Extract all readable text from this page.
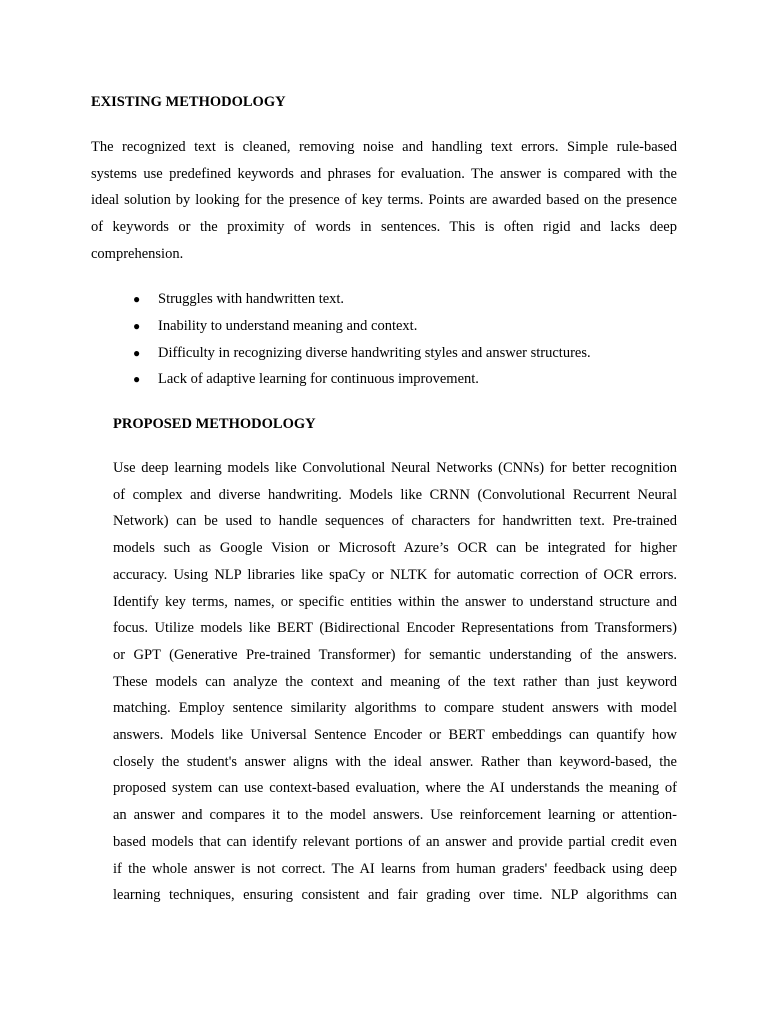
EXISTING METHODOLOGY
The recognized text is cleaned, removing noise and handling text errors. Simple rule-based
systems use predefined keywords and phrases for evaluation. The answer is compared with the
ideal solution by looking for the presence of key terms. Points are awarded based on the presence
of keywords or the proximity of words in sentences. This is often rigid and lacks deep
comprehension.
● Struggles with handwritten text.
● Inability to understand meaning and context.
● Difficulty in recognizing diverse handwriting styles and answer structures.
● Lack of adaptive learning for continuous improvement.
PROPOSED METHODOLOGY
Use deep learning models like Convolutional Neural Networks (CNNs) for better recognition
of complex and diverse handwriting. Models like CRNN (Convolutional Recurrent Neural
Network) can be used to handle sequences of characters for handwritten text. Pre-trained
models such as Google Vision or Microsoft Azure’s OCR can be integrated for higher
accuracy. Using NLP libraries like spaCy or NLTK for automatic correction of OCR errors.
Identify key terms, names, or specific entities within the answer to understand structure and
focus. Utilize models like BERT (Bidirectional Encoder Representations from Transformers)
or GPT (Generative Pre-trained Transformer) for semantic understanding of the answers.
These models can analyze the context and meaning of the text rather than just keyword
matching. Employ sentence similarity algorithms to compare student answers with model
answers. Models like Universal Sentence Encoder or BERT embeddings can quantify how
closely the student's answer aligns with the ideal answer. Rather than keyword-based, the
proposed system can use context-based evaluation, where the AI understands the meaning of
an answer and compares it to the model answers. Use reinforcement learning or attention-
based models that can identify relevant portions of an answer and provide partial credit even
if the whole answer is not correct. The AI learns from human graders' feedback using deep
learning techniques, ensuring consistent and fair grading over time. NLP algorithms can
